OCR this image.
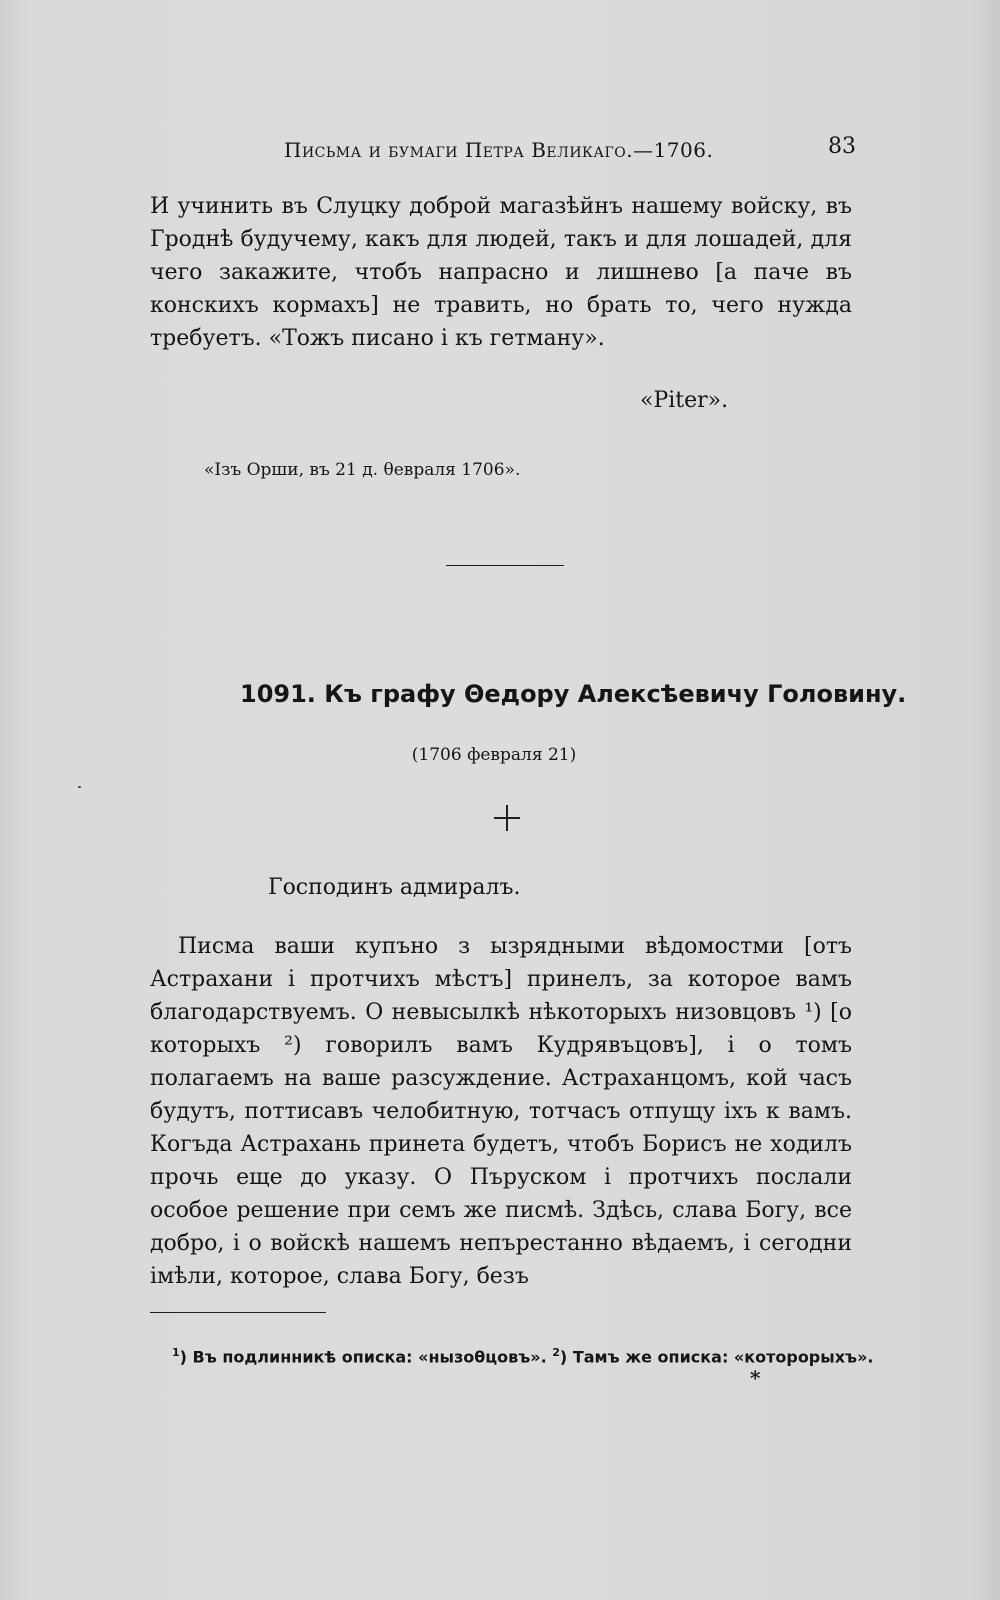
Письма и бумаги Петра Великаго.—1706.	83

И учинить въ Слуцку доброй магазѣйнъ нашему войску, въ Гроднѣ будучему, какъ для людей, такъ и для лошадей, для чего закажите, чтобъ напрасно и лишнево [а паче въ конскихъ кормахъ] не травить, но брать то, чего нужда требуетъ. «Тожъ писано і къ гетману».

«Piter».
«Ізъ Орши, въ 21 д. θевраля 1706».
1091. Къ графу Θедору Алексѣевичу Головину.
(1706 февраля 21)
Господинъ адмиралъ.

Писма ваши купъно з ызрядными вѣдомостми [отъ Астрахани і протчихъ мѣстъ] принелъ, за которое вамъ благодарствуемъ. О невысылкѣ нѣкоторыхъ низовцовъ ¹) [о которыхъ ²) говорилъ вамъ Кудрявъцовъ], і о томъ полагаемъ на ваше разсуждение. Астраханцомъ, кой часъ будутъ, поттисавъ челобитную, тотчасъ отпущу іхъ к вамъ. Когъда Астрахань принета будетъ, чтобъ Борисъ не ходилъ прочь еще до указу. О Пъруском і протчихъ послали особое решение при семъ же писмѣ. Здѣсь, слава Богу, все добро, і о войскѣ нашемъ непърестанно вѣдаемъ, і сегодни імѣли, которое, слава Богу, безъ

$^1$) Въ подлинникѣ описка: «нызоθцовъ». $^2$) Тамъ же описка: «которорыхъ».
*
